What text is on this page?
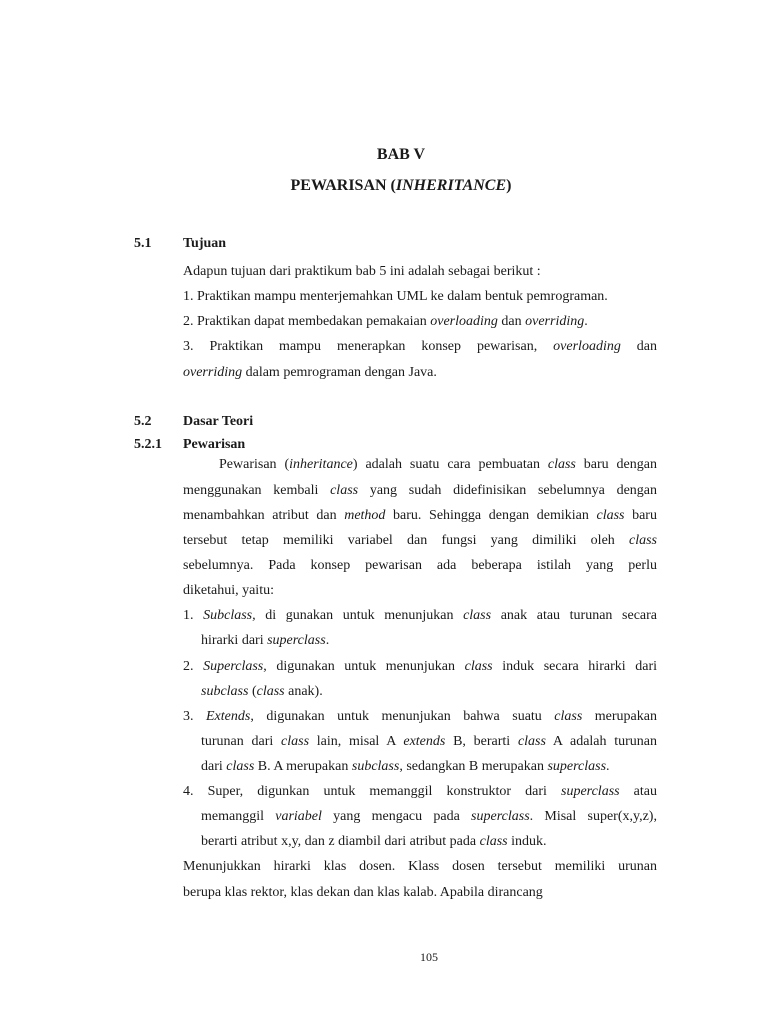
BAB V
PEWARISAN (INHERITANCE)
5.1 Tujuan
Adapun tujuan dari praktikum bab 5 ini adalah sebagai berikut :
1. Praktikan mampu menterjemahkan UML ke dalam bentuk pemrograman.
2. Praktikan dapat membedakan pemakaian overloading dan overriding.
3. Praktikan mampu menerapkan konsep pewarisan, overloading dan
overriding dalam pemrograman dengan Java.
5.2 Dasar Teori
5.2.1 Pewarisan
Pewarisan (inheritance) adalah suatu cara pembuatan class baru dengan
menggunakan kembali class yang sudah didefinisikan sebelumnya dengan
menambahkan atribut dan method baru. Sehingga dengan demikian class baru
tersebut tetap memiliki variabel dan fungsi yang dimiliki oleh class
sebelumnya. Pada konsep pewarisan ada beberapa istilah yang perlu
diketahui, yaitu:
1. Subclass, di gunakan untuk menunjukan class anak atau turunan secara
hirarki dari superclass.
2. Superclass, digunakan untuk menunjukan class induk secara hirarki dari
subclass (class anak).
3. Extends, digunakan untuk menunjukan bahwa suatu class merupakan
turunan dari class lain, misal A extends B, berarti class A adalah turunan
dari class B. A merupakan subclass, sedangkan B merupakan superclass.
4. Super, digunkan untuk memanggil konstruktor dari superclass atau
memanggil variabel yang mengacu pada superclass. Misal super(x,y,z),
berarti atribut x,y, dan z diambil dari atribut pada class induk.
Menunjukkan hirarki klas dosen. Klass dosen tersebut memiliki urunan
berupa klas rektor, klas dekan dan klas kalab. Apabila dirancang
105
